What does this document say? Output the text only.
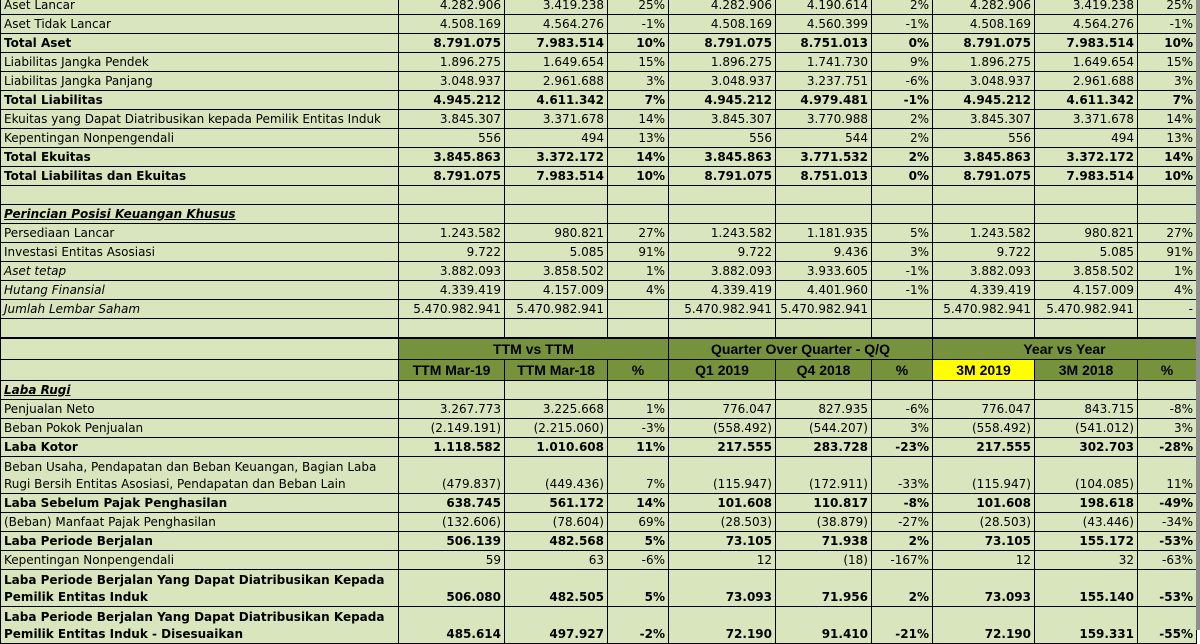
Aset Lancar	4.282.906	3.419.238	25%	4.282.906	4.190.614	2%	4.282.906	3.419.238	25%
Aset Tidak Lancar	4.508.169	4.564.276	-1%	4.508.169	4.560.399	-1%	4.508.169	4.564.276	-1%
Total Aset	8.791.075	7.983.514	10%	8.791.075	8.751.013	0%	8.791.075	7.983.514	10%
Liabilitas Jangka Pendek	1.896.275	1.649.654	15%	1.896.275	1.741.730	9%	1.896.275	1.649.654	15%
Liabilitas Jangka Panjang	3.048.937	2.961.688	3%	3.048.937	3.237.751	-6%	3.048.937	2.961.688	3%
Total Liabilitas	4.945.212	4.611.342	7%	4.945.212	4.979.481	-1%	4.945.212	4.611.342	7%
Ekuitas yang Dapat Diatribusikan kepada Pemilik Entitas Induk	3.845.307	3.371.678	14%	3.845.307	3.770.988	2%	3.845.307	3.371.678	14%
Kepentingan Nonpengendali	556	494	13%	556	544	2%	556	494	13%
Total Ekuitas	3.845.863	3.372.172	14%	3.845.863	3.771.532	2%	3.845.863	3.372.172	14%
Total Liabilitas dan Ekuitas	8.791.075	7.983.514	10%	8.791.075	8.751.013	0%	8.791.075	7.983.514	10%

Perincian Posisi Keuangan Khusus									
Persediaan Lancar	1.243.582	980.821	27%	1.243.582	1.181.935	5%	1.243.582	980.821	27%
Investasi Entitas Asosiasi	9.722	5.085	91%	9.722	9.436	3%	9.722	5.085	91%
Aset tetap	3.882.093	3.858.502	1%	3.882.093	3.933.605	-1%	3.882.093	3.858.502	1%
Hutang Finansial	4.339.419	4.157.009	4%	4.339.419	4.401.960	-1%	4.339.419	4.157.009	4%
Jumlah Lembar Saham	5.470.982.941	5.470.982.941		5.470.982.941	5.470.982.941		5.470.982.941	5.470.982.941	-

	TTM vs TTM			Quarter Over Quarter - Q/Q			Year vs Year		
	TTM Mar-19	TTM Mar-18	%	Q1 2019	Q4 2018	%	3M 2019	3M 2018	%
Laba Rugi									
Penjualan Neto	3.267.773	3.225.668	1%	776.047	827.935	-6%	776.047	843.715	-8%
Beban Pokok Penjualan	(2.149.191)	(2.215.060)	-3%	(558.492)	(544.207)	3%	(558.492)	(541.012)	3%
Laba Kotor	1.118.582	1.010.608	11%	217.555	283.728	-23%	217.555	302.703	-28%
Beban Usaha, Pendapatan dan Beban Keuangan, Bagian Laba Rugi Bersih Entitas Asosiasi, Pendapatan dan Beban Lain	(479.837)	(449.436)	7%	(115.947)	(172.911)	-33%	(115.947)	(104.085)	11%
Laba Sebelum Pajak Penghasilan	638.745	561.172	14%	101.608	110.817	-8%	101.608	198.618	-49%
(Beban) Manfaat Pajak Penghasilan	(132.606)	(78.604)	69%	(28.503)	(38.879)	-27%	(28.503)	(43.446)	-34%
Laba Periode Berjalan	506.139	482.568	5%	73.105	71.938	2%	73.105	155.172	-53%
Kepentingan Nonpengendali	59	63	-6%	12	(18)	-167%	12	32	-63%
Laba Periode Berjalan Yang Dapat Diatribusikan Kepada Pemilik Entitas Induk	506.080	482.505	5%	73.093	71.956	2%	73.093	155.140	-53%
Laba Periode Berjalan Yang Dapat Diatribusikan Kepada Pemilik Entitas Induk - Disesuaikan	485.614	497.927	-2%	72.190	91.410	-21%	72.190	159.331	-55%
